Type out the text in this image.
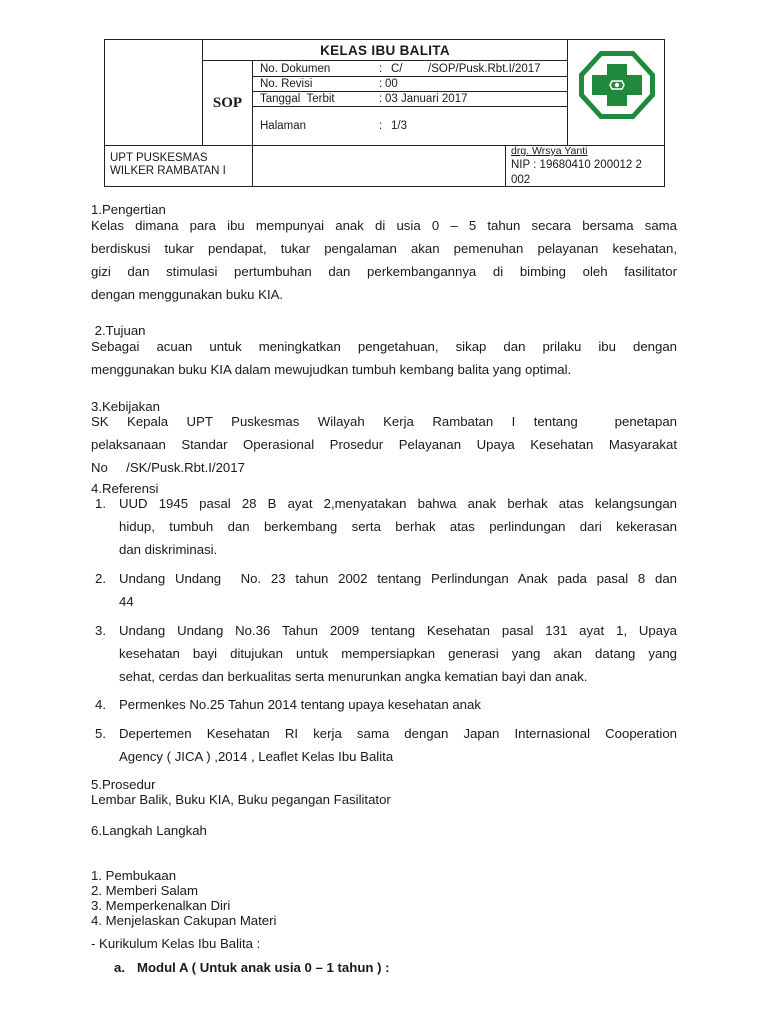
KELAS IBU BALITA
SOP
No. Dokumen	: C/        /SOP/Pusk.Rbt.I/2017
No. Revisi	: 00
Tanggal  Terbit	: 03 Januari 2017
Halaman	: 1/3
UPT PUSKESMAS
WILKER RAMBATAN I
drg. Wrsya Yanti
NIP : 19680410 200012 2
002
1.Pengertian
Kelas dimana para ibu mempunyai anak di usia 0 – 5 tahun secara bersama sama
berdiskusi tukar pendapat, tukar pengalaman akan pemenuhan pelayanan kesehatan,
gizi dan stimulasi pertumbuhan dan perkembangannya di bimbing oleh fasilitator
dengan menggunakan buku KIA.
2.Tujuan
Sebagai acuan untuk meningkatkan pengetahuan, sikap dan prilaku ibu dengan
menggunakan buku KIA dalam mewujudkan tumbuh kembang balita yang optimal.
3.Kebijakan
SK Kepala UPT Puskesmas Wilayah Kerja Rambatan I tentang  penetapan
pelaksanaan Standar Operasional Prosedur Pelayanan Upaya Kesehatan Masyarakat
No     /SK/Pusk.Rbt.I/2017
4.Referensi
1. UUD 1945 pasal 28 B ayat 2,menyatakan bahwa anak berhak atas kelangsungan
hidup, tumbuh dan berkembang serta berhak atas perlindungan dari kekerasan
dan diskriminasi.
2. Undang Undang  No. 23 tahun 2002 tentang Perlindungan Anak pada pasal 8 dan
44
3. Undang Undang No.36 Tahun 2009 tentang Kesehatan pasal 131 ayat 1, Upaya
kesehatan bayi ditujukan untuk mempersiapkan generasi yang akan datang yang
sehat, cerdas dan berkualitas serta menurunkan angka kematian bayi dan anak.
4. Permenkes No.25 Tahun 2014 tentang upaya kesehatan anak
5. Depertemen Kesehatan RI kerja sama dengan Japan Internasional Cooperation
Agency ( JICA ) ,2014 , Leaflet Kelas Ibu Balita
5.Prosedur
Lembar Balik, Buku KIA, Buku pegangan Fasilitator
6.Langkah Langkah
1. Pembukaan
2. Memberi Salam
3. Memperkenalkan Diri
4. Menjelaskan Cakupan Materi
- Kurikulum Kelas Ibu Balita :
a. Modul A ( Untuk anak usia 0 – 1 tahun ) :
